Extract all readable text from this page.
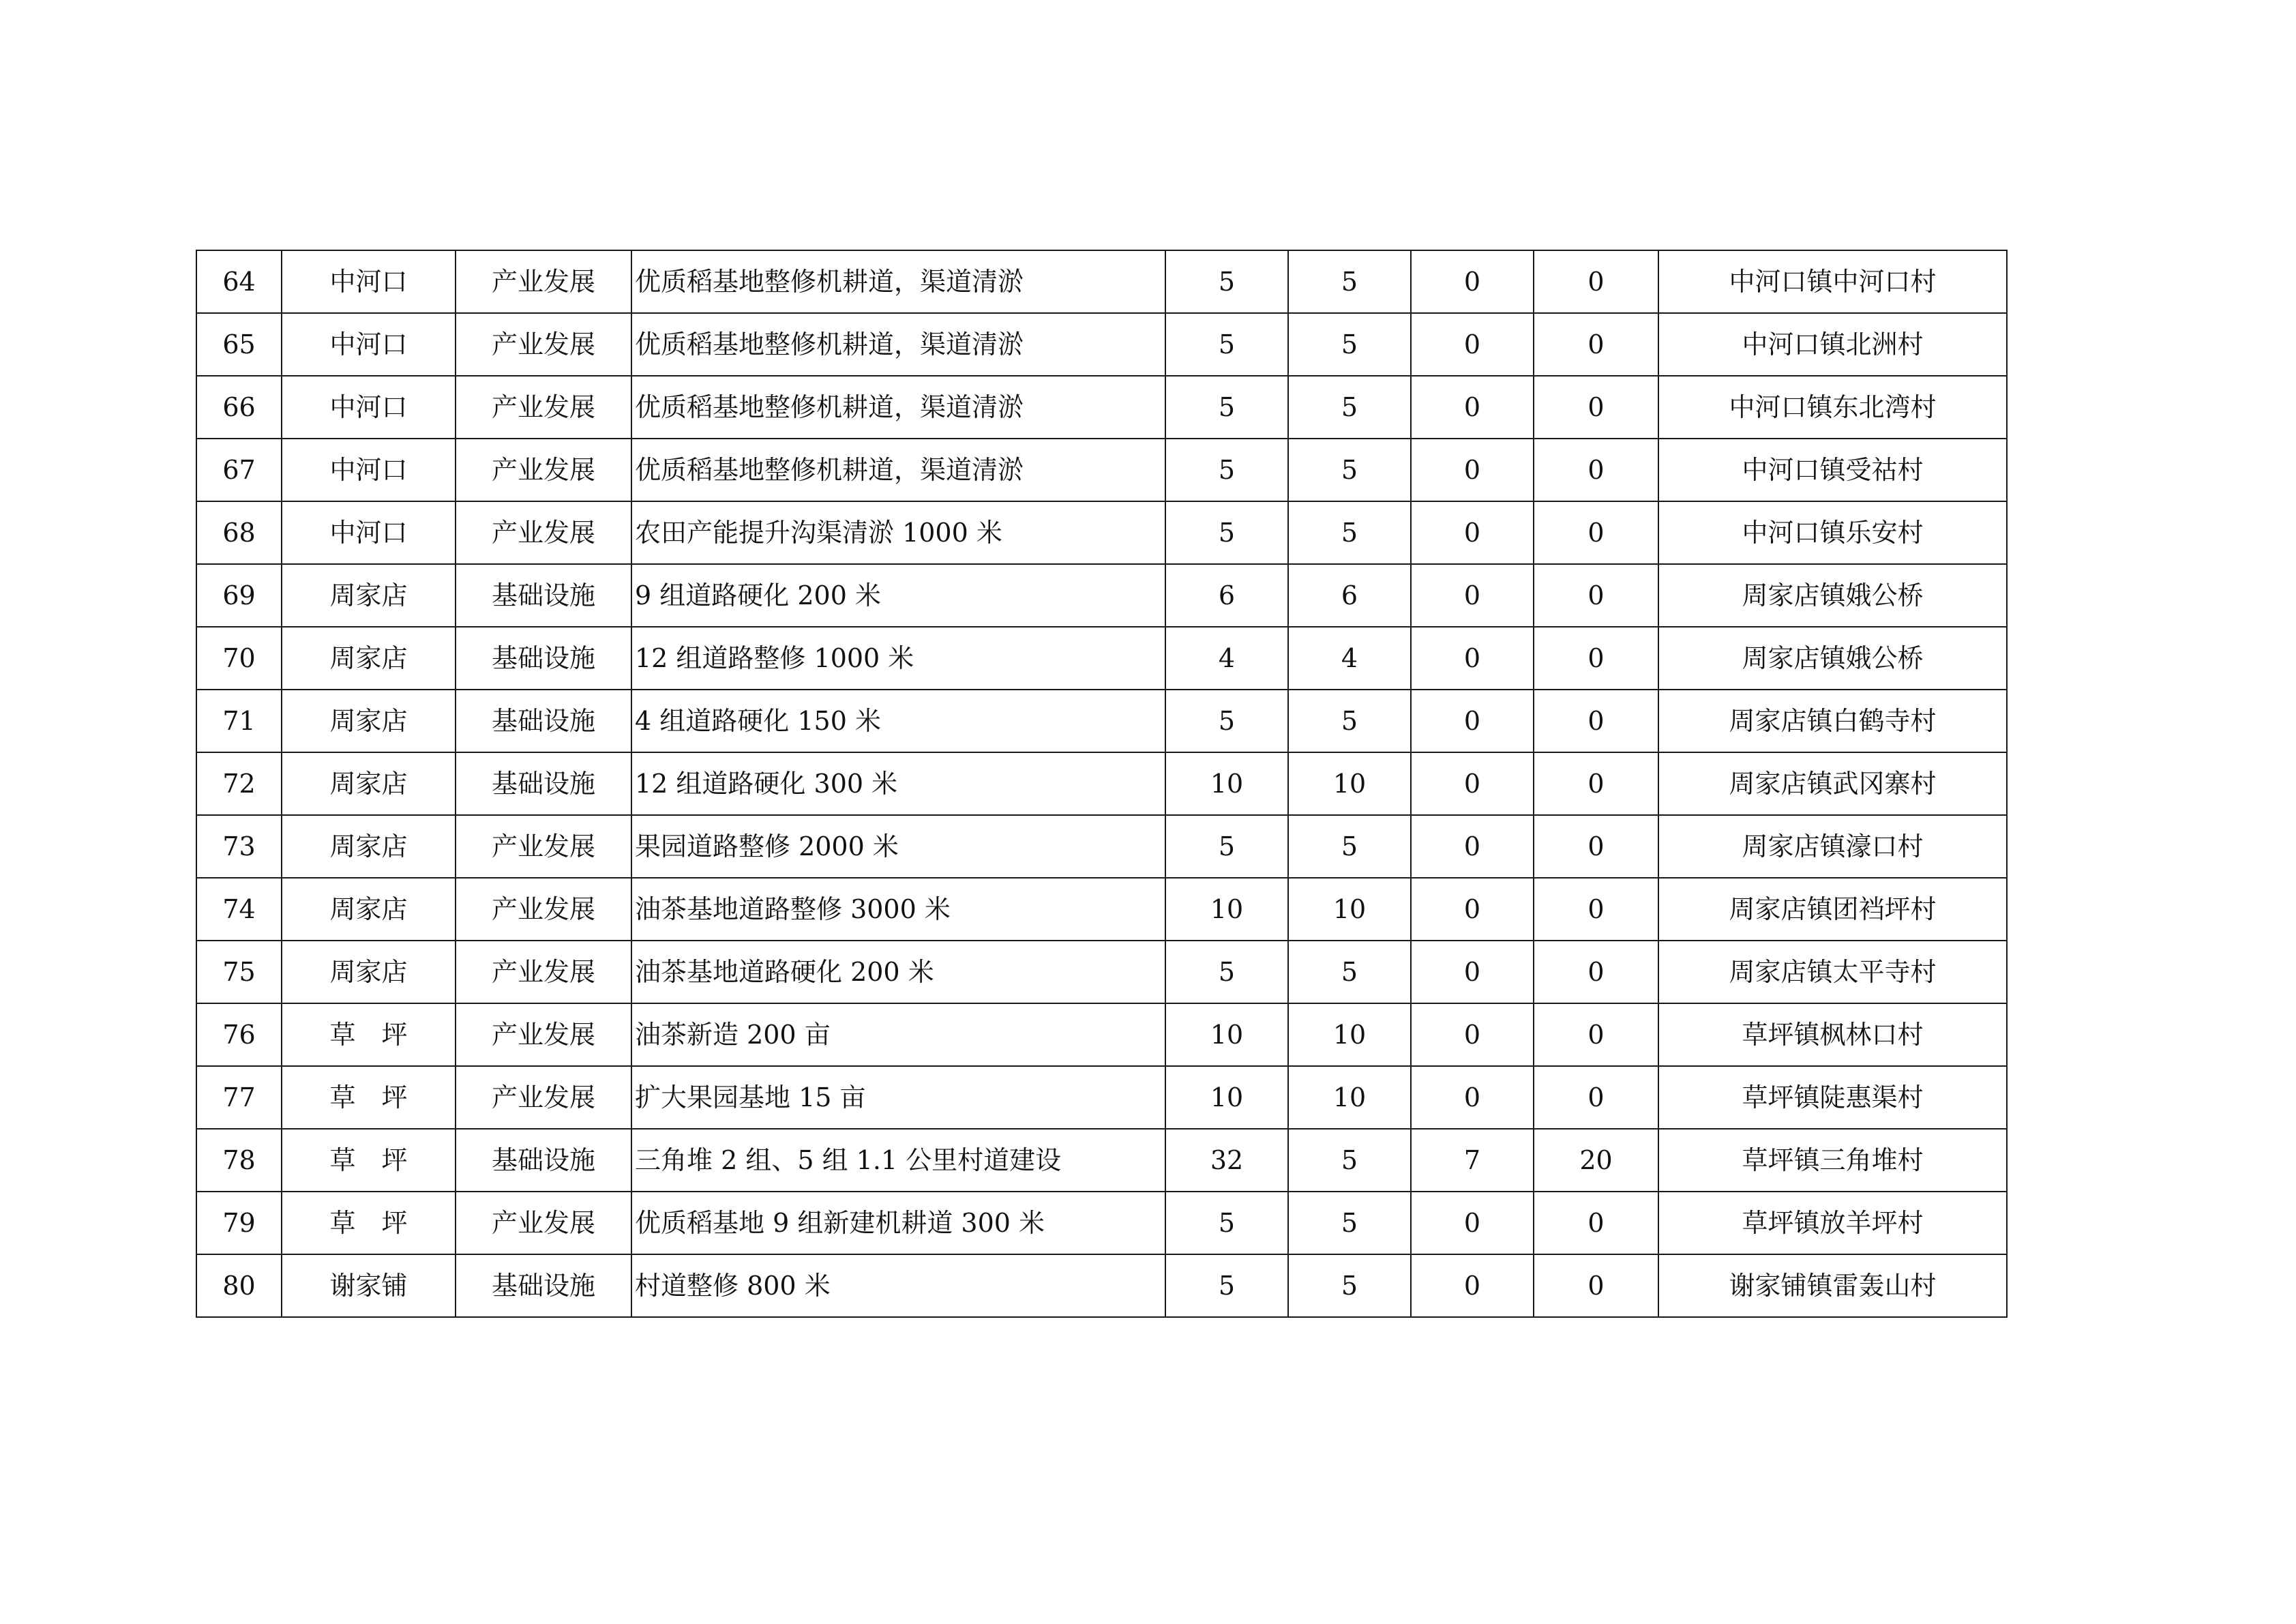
64	中河口	产业发展	优质稻基地整修机耕道，渠道清淤	5	5	0	0	中河口镇中河口村
65	中河口	产业发展	优质稻基地整修机耕道，渠道清淤	5	5	0	0	中河口镇北洲村
66	中河口	产业发展	优质稻基地整修机耕道，渠道清淤	5	5	0	0	中河口镇东北湾村
67	中河口	产业发展	优质稻基地整修机耕道，渠道清淤	5	5	0	0	中河口镇受祜村
68	中河口	产业发展	农田产能提升沟渠清淤 1000 米	5	5	0	0	中河口镇乐安村
69	周家店	基础设施	9 组道路硬化 200 米	6	6	0	0	周家店镇娥公桥
70	周家店	基础设施	12 组道路整修 1000 米	4	4	0	0	周家店镇娥公桥
71	周家店	基础设施	4 组道路硬化 150 米	5	5	0	0	周家店镇白鹤寺村
72	周家店	基础设施	12 组道路硬化 300 米	10	10	0	0	周家店镇武冈寨村
73	周家店	产业发展	果园道路整修 2000 米	5	5	0	0	周家店镇濠口村
74	周家店	产业发展	油茶基地道路整修 3000 米	10	10	0	0	周家店镇团裆坪村
75	周家店	产业发展	油茶基地道路硬化 200 米	5	5	0	0	周家店镇太平寺村
76	草　坪	产业发展	油茶新造 200 亩	10	10	0	0	草坪镇枫林口村
77	草　坪	产业发展	扩大果园基地 15 亩	10	10	0	0	草坪镇陡惠渠村
78	草　坪	基础设施	三角堆 2 组、5 组 1.1 公里村道建设	32	5	7	20	草坪镇三角堆村
79	草　坪	产业发展	优质稻基地 9 组新建机耕道 300 米	5	5	0	0	草坪镇放羊坪村
80	谢家铺	基础设施	村道整修 800 米	5	5	0	0	谢家铺镇雷轰山村
